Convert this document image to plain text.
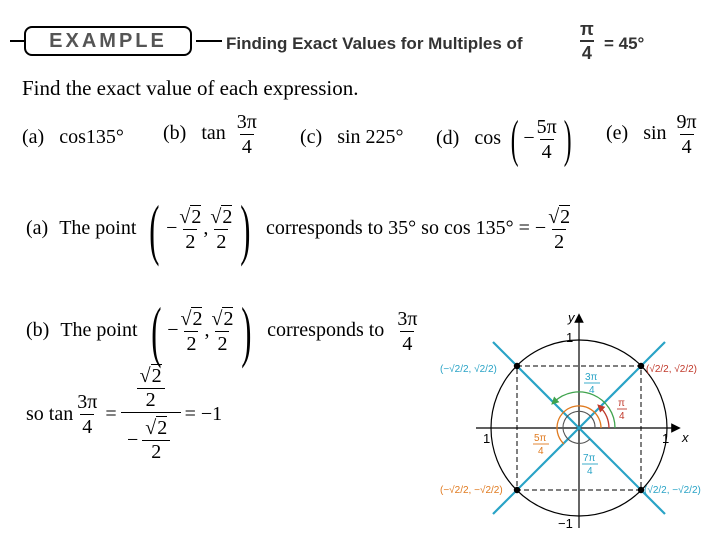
EXAMPLE	Finding Exact Values for Multiples of	$\frac{\pi}{4} = 45^\circ$
Find the exact value of each expression.
(a) cos135° (b) $\tan \frac{3\pi}{4} (c)$ sin 225° (d) cos ( − $\frac{5\pi}{4}$ ) (e) $\sin \frac{9\pi}{4}$
(a) The point ( − $\frac{√2}{2}$ , $\frac{√2}{2}$ ) corresponds to 35° so cos 135° = − $\frac{√2}{2}$
(b) The point ( − $\frac{√2}{2}$ , $\frac{√2}{2}$ ) corresponds to $\frac{3\pi}{4}$
so tan	$\frac{3\pi}{4}$	=	
√2
2
− $\frac{√2}{2}$
	= −1
y
x
1
−1
1
1
π
4
3π
4
5π
4
7π
4
(√2/2, √2/2)
(−√2/2, √2/2)
(−√2/2, −√2/2)	(√2/2, −√2/2)
